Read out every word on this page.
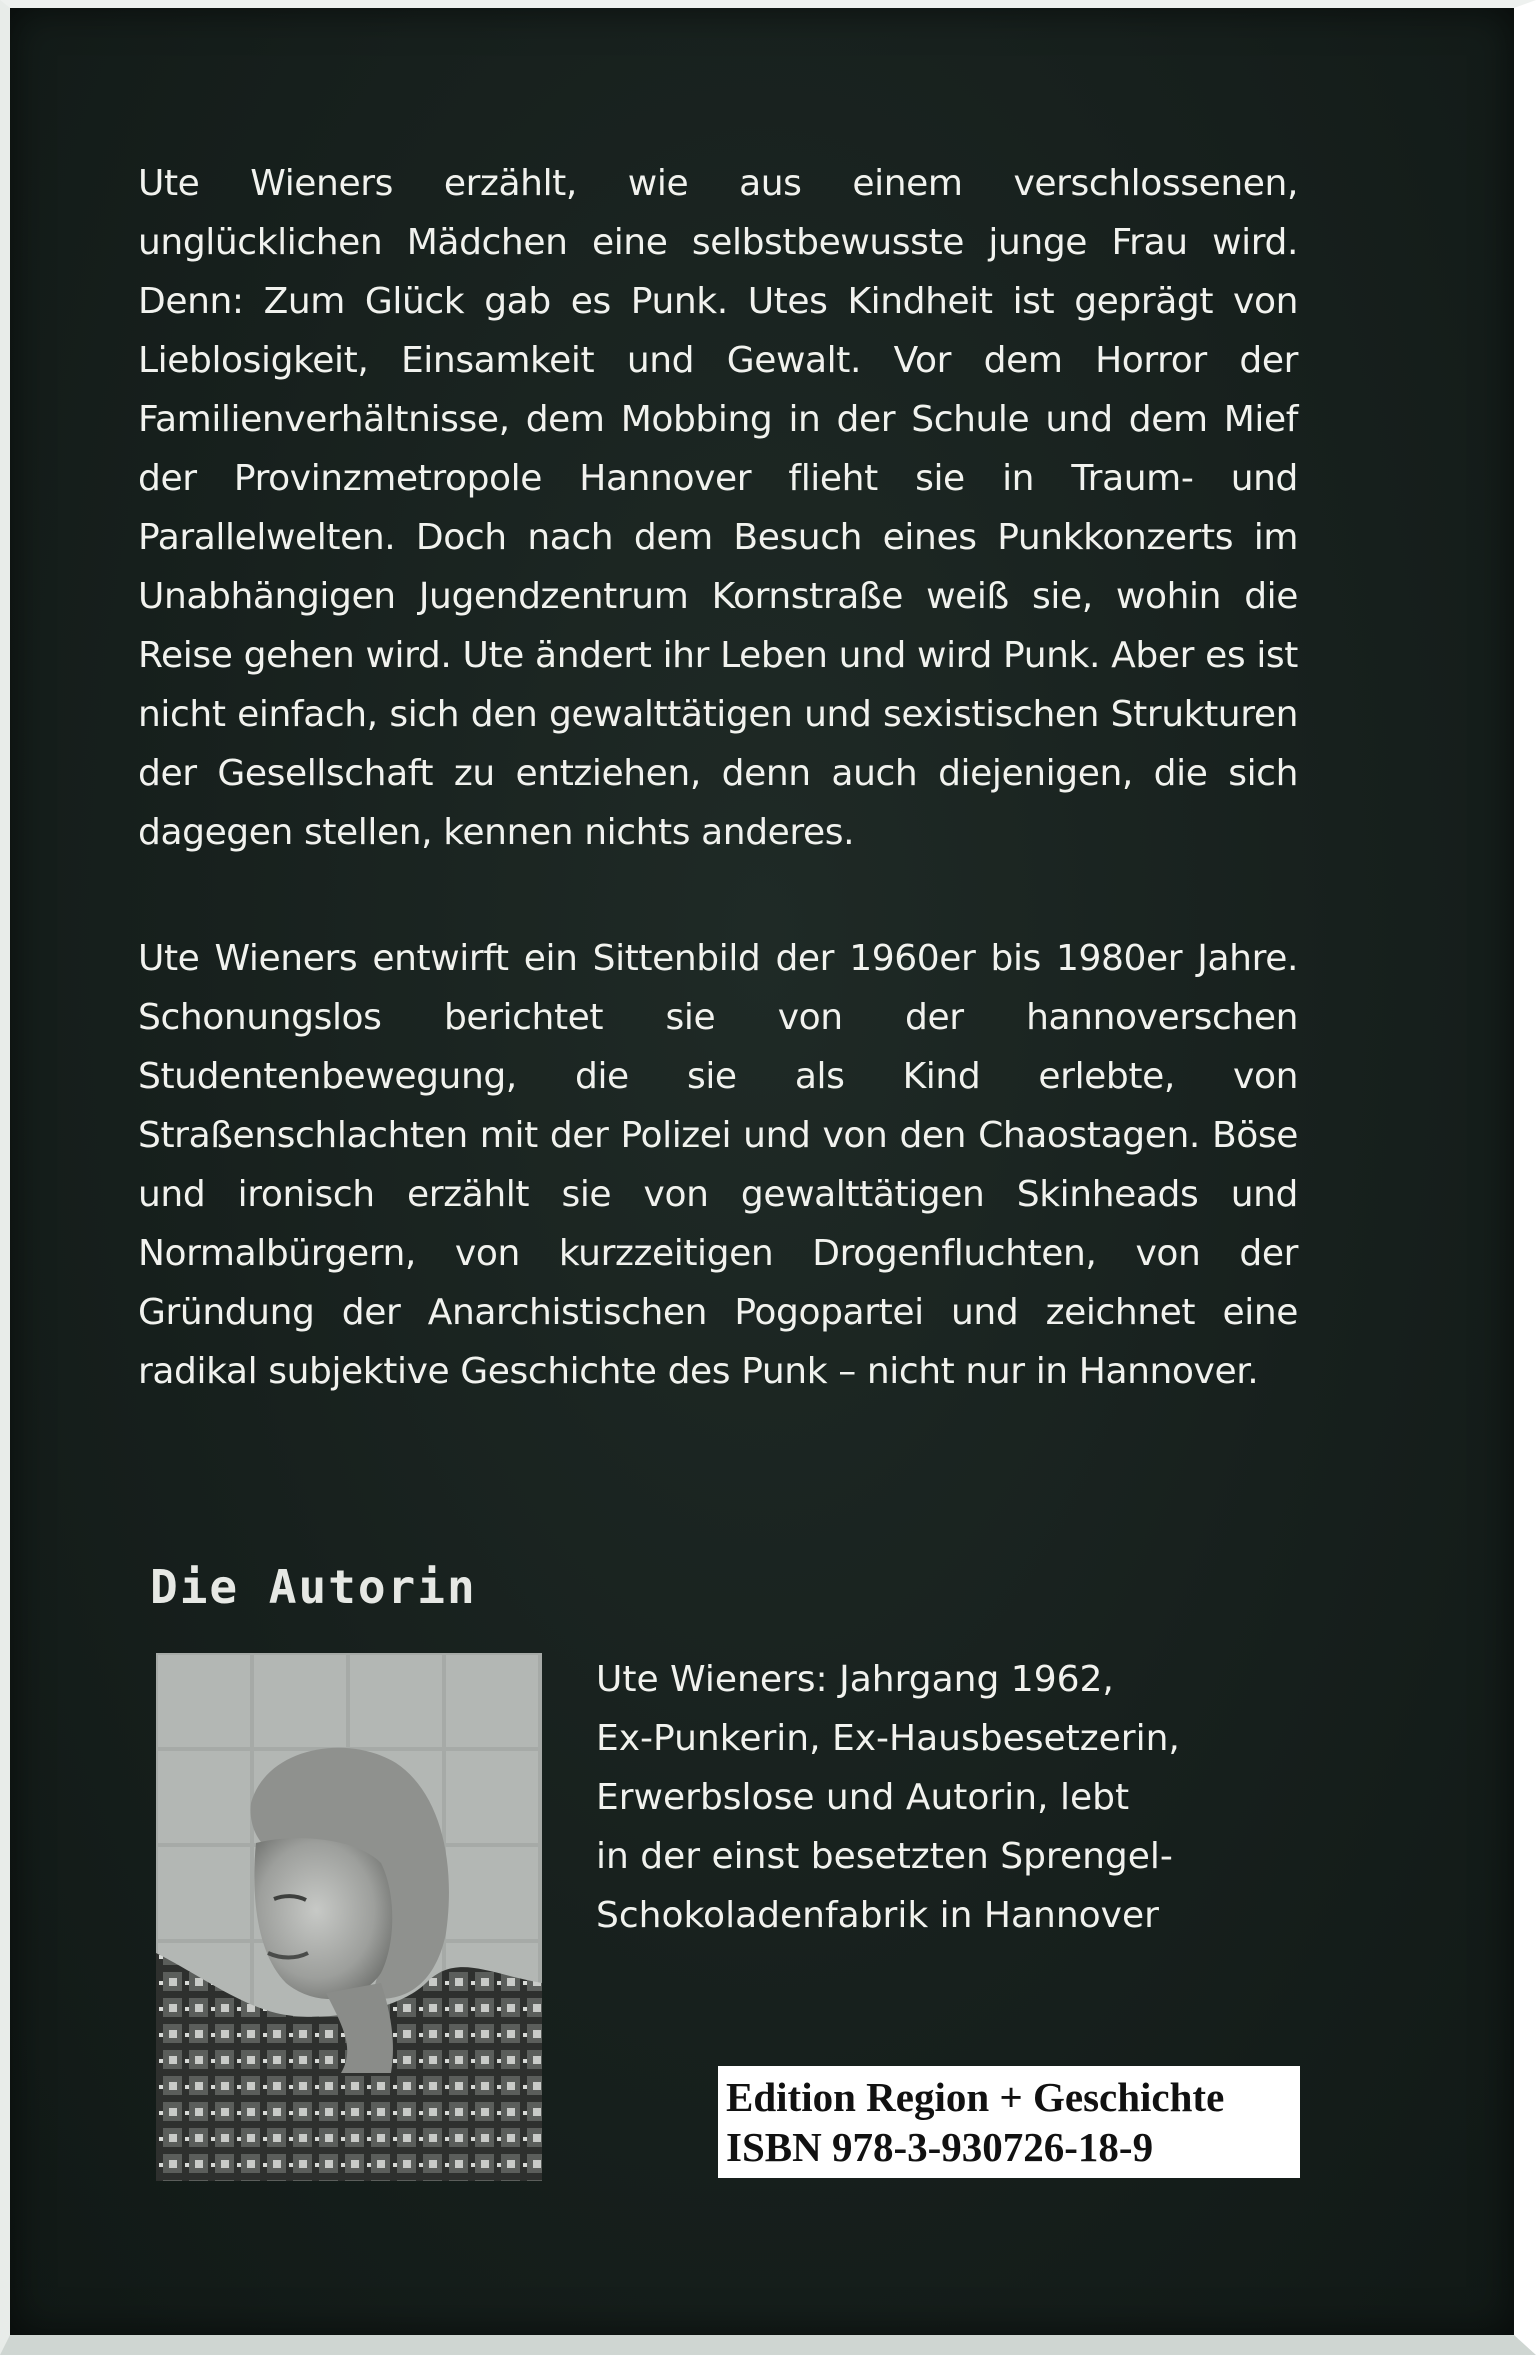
Ute Wieners erzählt, wie aus einem verschlossenen, unglücklichen Mädchen eine selbstbewusste junge Frau wird. Denn: Zum Glück gab es Punk. Utes Kindheit ist geprägt von Lieblosigkeit, Einsamkeit und Gewalt. Vor dem Horror der Familienverhältnisse, dem Mobbing in der Schule und dem Mief der Provinzmetropole Hannover flieht sie in Traum- und Parallelwelten. Doch nach dem Besuch eines Punkkonzerts im Unabhängigen Jugendzentrum Kornstraße weiß sie, wohin die Reise gehen wird. Ute ändert ihr Leben und wird Punk. Aber es ist nicht einfach, sich den gewalttätigen und sexistischen Strukturen der Gesellschaft zu entziehen, denn auch diejenigen, die sich dagegen stellen, kennen nichts anderes.

Ute Wieners entwirft ein Sittenbild der 1960er bis 1980er Jahre. Schonungslos berichtet sie von der hannoverschen Studentenbewegung, die sie als Kind erlebte, von Straßenschlachten mit der Polizei und von den Chaostagen. Böse und ironisch erzählt sie von gewalttätigen Skinheads und Normalbürgern, von kurzzeitigen Drogenfluchten, von der Gründung der Anarchistischen Pogopartei und zeichnet eine radikal subjektive Geschichte des Punk – nicht nur in Hannover.

Die Autorin
Ute Wieners: Jahrgang 1962,
Ex-Punkerin, Ex-Hausbesetzerin,
Erwerbslose und Autorin, lebt
in der einst besetzten Sprengel-
Schokoladenfabrik in Hannover
Edition Region + Geschichte
ISBN 978-3-930726-18-9
